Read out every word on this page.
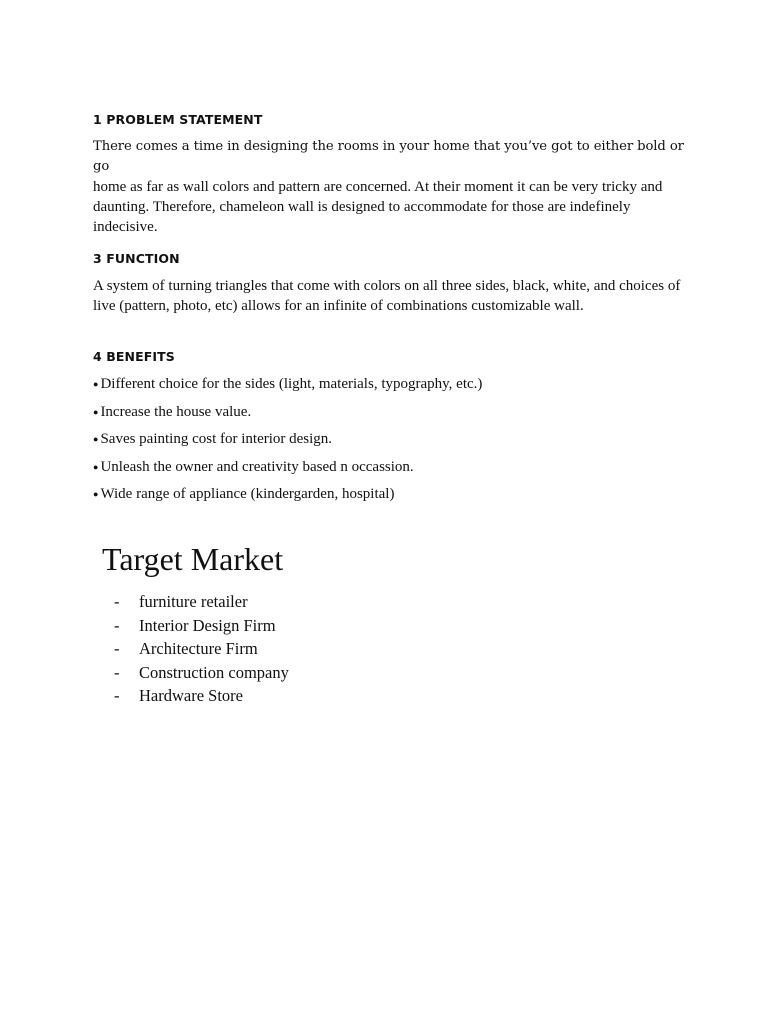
1 PROBLEM STATEMENT
There comes a time in designing the rooms in your home that you’ve got to either bold or go
home as far as wall colors and pattern are concerned. At their moment it can be very tricky and daunting. Therefore, chameleon wall is designed to accommodate for those are indefinely indecisive.
3 FUNCTION
A system of turning triangles that come with colors on all three sides, black, white, and choices of live (pattern, photo, etc) allows for an infinite of combinations customizable wall.
4 BENEFITS
● Different choice for the sides (light, materials, typography, etc.)
● Increase the house value.
● Saves painting cost for interior design.
● Unleash the owner and creativity based n occassion.
● Wide range of appliance (kindergarden, hospital)
Target Market
- furniture retailer
- Interior Design Firm
- Architecture Firm
- Construction company
- Hardware Store
